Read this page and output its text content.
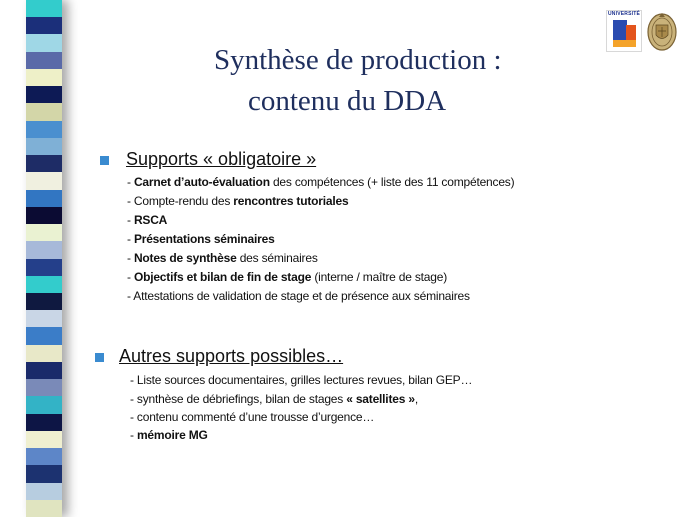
UNIVERSITÉ
Synthèse de production :
contenu du DDA
Supports « obligatoire »
- Carnet d’auto-évaluation des compétences (+ liste des 11 compétences)
- Compte-rendu des rencontres tutoriales
- RSCA
- Présentations séminaires
- Notes de synthèse des séminaires
- Objectifs et bilan de fin de stage (interne / maître de stage)
- Attestations de validation de stage et de présence aux séminaires
Autres supports possibles…
- Liste sources documentaires, grilles lectures revues, bilan GEP…
- synthèse de débriefings, bilan de stages « satellites »,
- contenu commenté d’une trousse d’urgence…
- mémoire MG
